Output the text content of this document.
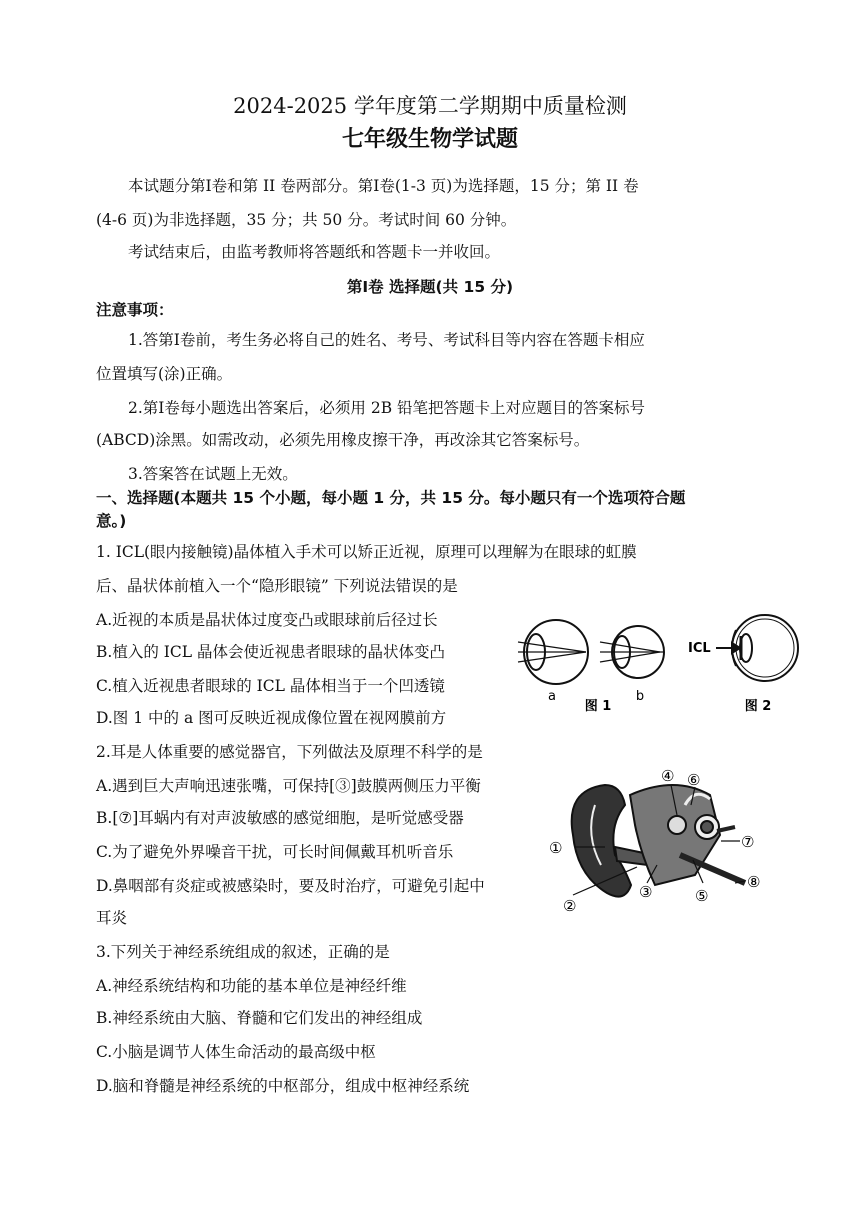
2024-2025 学年度第二学期期中质量检测
七年级生物学试题
本试题分第Ⅰ卷和第 II 卷两部分。第Ⅰ卷(1-3 页)为选择题，15 分；第 II 卷
(4-6 页)为非选择题，35 分；共 50 分。考试时间 60 分钟。
考试结束后，由监考教师将答题纸和答题卡一并收回。
第Ⅰ卷 选择题(共 15 分)
注意事项：
1.答第Ⅰ卷前，考生务必将自己的姓名、考号、考试科目等内容在答题卡相应
位置填写(涂)正确。
2.第Ⅰ卷每小题选出答案后，必须用 2B 铅笔把答题卡上对应题目的答案标号
(ABCD)涂黑。如需改动，必须先用橡皮擦干净，再改涂其它答案标号。
3.答案答在试题上无效。
一、选择题(本题共 15 个小题，每小题 1 分，共 15 分。每小题只有一个选项符合题
意。)
1. ICL(眼内接触镜)晶体植入手术可以矫正近视，原理可以理解为在眼球的虹膜
后、晶状体前植入一个“隐形眼镜” 下列说法错误的是
A.近视的本质是晶状体过度变凸或眼球前后径过长
B.植入的 ICL 晶体会使近视患者眼球的晶状体变凸
C.植入近视患者眼球的 ICL 晶体相当于一个凹透镜
D.图 1 中的 a 图可反映近视成像位置在视网膜前方
a	b
ICL
图 1	图 2
2.耳是人体重要的感觉器官，下列做法及原理不科学的是
A.遇到巨大声响迅速张嘴，可保持[③]鼓膜两侧压力平衡
B.[⑦]耳蜗内有对声波敏感的感觉细胞，是听觉感受器
C.为了避免外界噪音干扰，可长时间佩戴耳机听音乐
D.鼻咽部有炎症或被感染时，要及时治疗，可避免引起中
耳炎
①
②
③
④
⑤
⑥
⑦
⑧
3.下列关于神经系统组成的叙述，正确的是
A.神经系统结构和功能的基本单位是神经纤维
B.神经系统由大脑、脊髓和它们发出的神经组成
C.小脑是调节人体生命活动的最高级中枢
D.脑和脊髓是神经系统的中枢部分，组成中枢神经系统
